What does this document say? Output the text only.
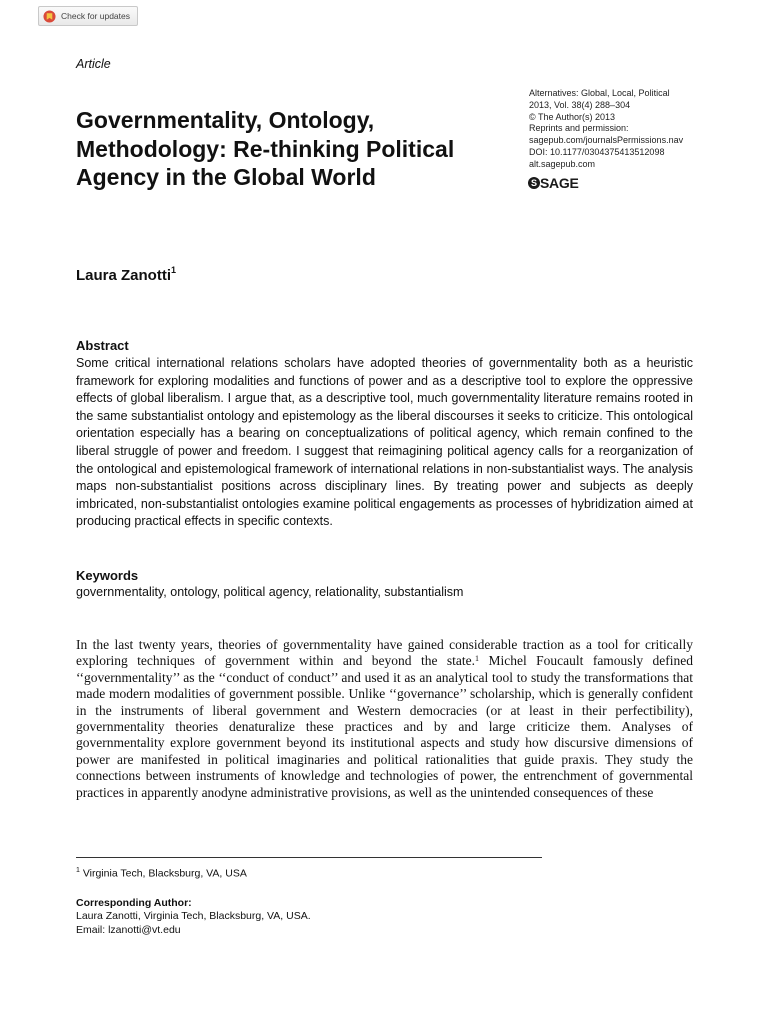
Check for updates
Article
Governmentality, Ontology, Methodology: Re-thinking Political Agency in the Global World
Alternatives: Global, Local, Political
2013, Vol. 38(4) 288–304
© The Author(s) 2013
Reprints and permission:
sagepub.com/journalsPermissions.nav
DOI: 10.1177/0304375413512098
alt.sagepub.com
S SAGE
Laura Zanotti$^1$
Abstract
Some critical international relations scholars have adopted theories of governmentality both as a heuristic framework for exploring modalities and functions of power and as a descriptive tool to explore the oppressive effects of global liberalism. I argue that, as a descriptive tool, much governmentality literature remains rooted in the same substantialist ontology and epistemology as the liberal discourses it seeks to criticize. This ontological orientation especially has a bearing on conceptualizations of political agency, which remain confined to the liberal struggle of power and freedom. I suggest that reimagining political agency calls for a reorganization of the ontological and epistemological framework of international relations in non-substantialist ways. The analysis maps non-substantialist positions across disciplinary lines. By treating power and subjects as deeply imbricated, non-substantialist ontologies examine political engagements as processes of hybridization aimed at producing practical effects in specific contexts.
Keywords
governmentality, ontology, political agency, relationality, substantialism
In the last twenty years, theories of governmentality have gained considerable traction as a tool for critically exploring techniques of government within and beyond the state.$^1$ Michel Foucault famously defined ‘‘governmentality’’ as the ‘‘conduct of conduct’’ and used it as an analytical tool to study the transformations that made modern modalities of government possible. Unlike ‘‘governance’’ scholarship, which is generally confident in the instruments of liberal government and Western democracies (or at least in their perfectibility), governmentality theories denaturalize these practices and by and large criticize them. Analyses of governmentality explore government beyond its institutional aspects and study how discursive dimensions of power are manifested in political imaginaries and political rationalities that guide praxis. They study the connections between instruments of knowledge and technologies of power, the entrenchment of governmental practices in apparently anodyne administrative provisions, as well as the unintended consequences of these
$^1$ Virginia Tech, Blacksburg, VA, USA
Corresponding Author:
Laura Zanotti, Virginia Tech, Blacksburg, VA, USA.
Email: lzanotti@vt.edu
